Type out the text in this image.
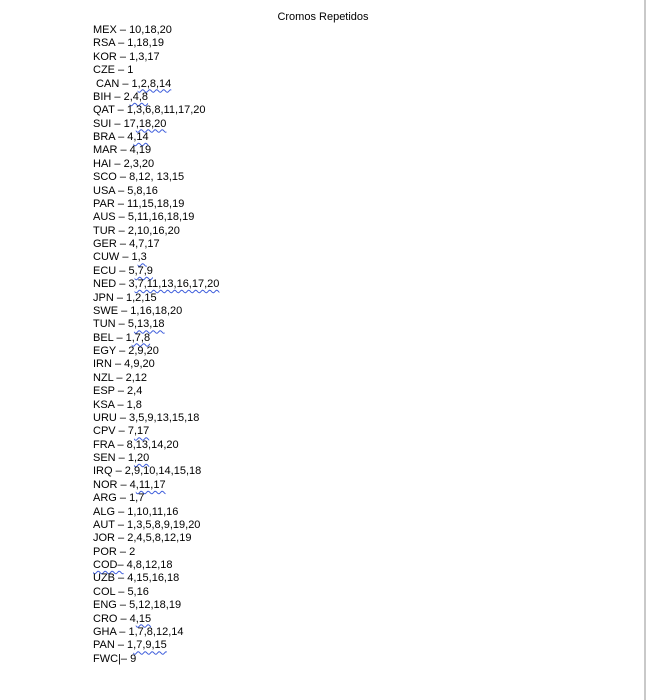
Cromos Repetidos
MEX – 10,18,20
RSA – 1,18,19
KOR – 1,3,17
CZE – 1
CAN – 1,2,8,14
BIH – 2,4,8
QAT – 1,3,6,8,11,17,20
SUI – 17,18,20
BRA – 4,14
MAR – 4,19
HAI – 2,3,20
SCO – 8,12, 13,15
USA – 5,8,16
PAR – 11,15,18,19
AUS – 5,11,16,18,19
TUR – 2,10,16,20
GER – 4,7,17
CUW – 1,3
ECU – 5,7,9
NED – 3,7,11,13,16,17,20
JPN – 1,2,15
SWE – 1,16,18,20
TUN – 5,13,18
BEL – 1,7,8
EGY – 2,9,20
IRN – 4,9,20
NZL – 2,12
ESP – 2,4
KSA – 1,8
URU – 3,5,9,13,15,18
CPV – 7,17
FRA – 8,13,14,20
SEN – 1,20
IRQ – 2,9,10,14,15,18
NOR – 4,11,17
ARG – 1,7
ALG – 1,10,11,16
AUT – 1,3,5,8,9,19,20
JOR – 2,4,5,8,12,19
POR – 2
COD– 4,8,12,18
UZB – 4,15,16,18
COL – 5,16
ENG – 5,12,18,19
CRO – 4,15
GHA – 1,7,8,12,14
PAN – 1,7,9,15
FWC|– 9
